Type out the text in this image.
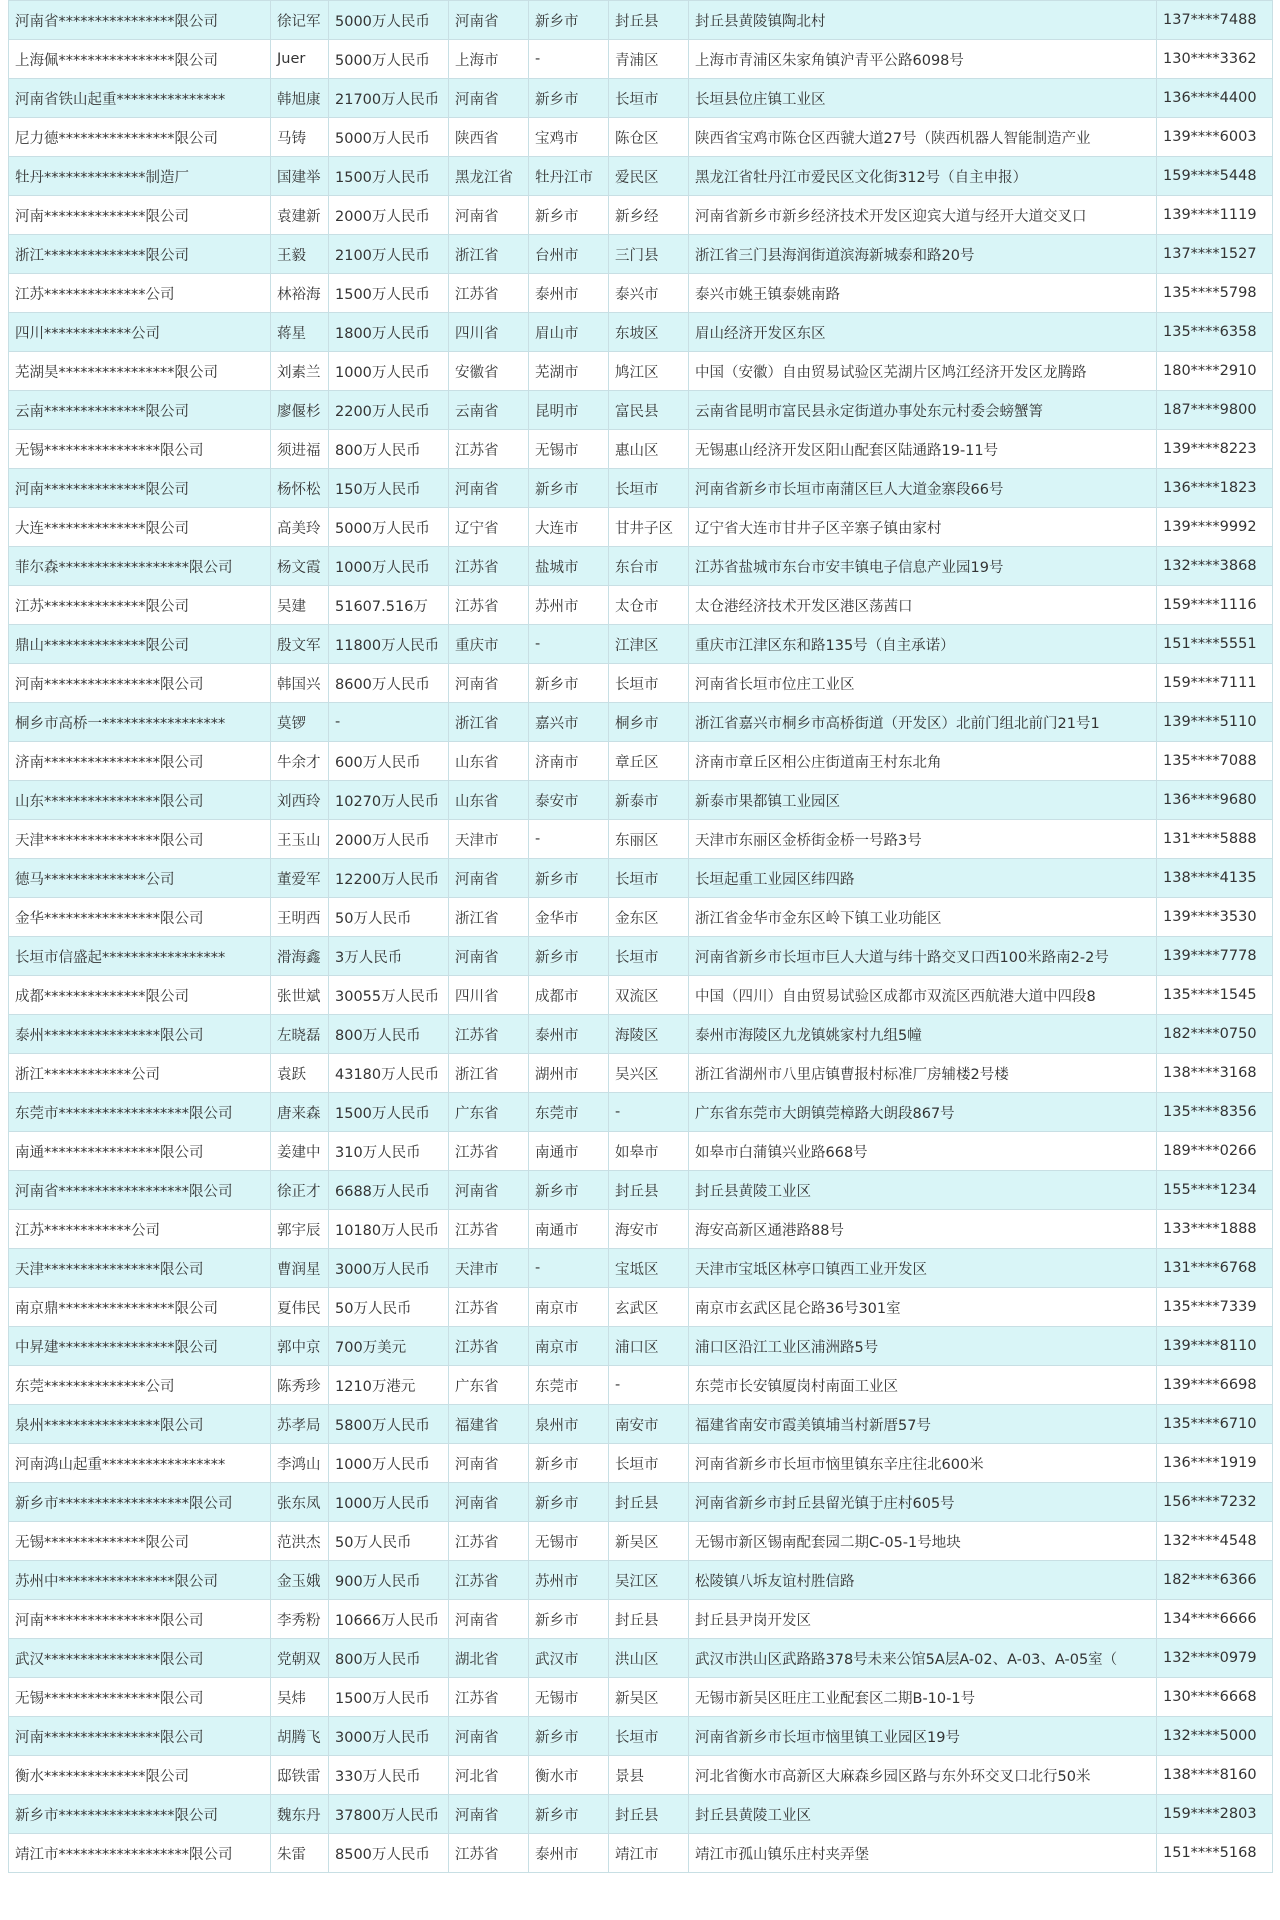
河南省****************限公司	徐记军	5000万人民币	河南省	新乡市	封丘县	封丘县黄陵镇陶北村	137****7488
上海佩****************限公司	Juer	5000万人民币	上海市	-	青浦区	上海市青浦区朱家角镇沪青平公路6098号	130****3362
河南省铁山起重***************	韩旭康	21700万人民币	河南省	新乡市	长垣市	长垣县位庄镇工业区	136****4400
尼力德****************限公司	马铸	5000万人民币	陕西省	宝鸡市	陈仓区	陕西省宝鸡市陈仓区西虢大道27号（陕西机器人智能制造产业	139****6003
牡丹**************制造厂	国建举	1500万人民币	黑龙江省	牡丹江市	爱民区	黑龙江省牡丹江市爱民区文化街312号（自主申报）	159****5448
河南**************限公司	袁建新	2000万人民币	河南省	新乡市	新乡经	河南省新乡市新乡经济技术开发区迎宾大道与经开大道交叉口	139****1119
浙江**************限公司	王毅	2100万人民币	浙江省	台州市	三门县	浙江省三门县海润街道滨海新城泰和路20号	137****1527
江苏**************公司	林裕海	1500万人民币	江苏省	泰州市	泰兴市	泰兴市姚王镇泰姚南路	135****5798
四川************公司	蒋星	1800万人民币	四川省	眉山市	东坡区	眉山经济开发区东区	135****6358
芜湖昊****************限公司	刘素兰	1000万人民币	安徽省	芜湖市	鸠江区	中国（安徽）自由贸易试验区芜湖片区鸠江经济开发区龙腾路	180****2910
云南**************限公司	廖偃杉	2200万人民币	云南省	昆明市	富民县	云南省昆明市富民县永定街道办事处东元村委会螃蟹箐	187****9800
无锡****************限公司	须进福	800万人民币	江苏省	无锡市	惠山区	无锡惠山经济开发区阳山配套区陆通路19-11号	139****8223
河南**************限公司	杨怀松	150万人民币	河南省	新乡市	长垣市	河南省新乡市长垣市南蒲区巨人大道金寨段66号	136****1823
大连**************限公司	高美玲	5000万人民币	辽宁省	大连市	甘井子区	辽宁省大连市甘井子区辛寨子镇由家村	139****9992
菲尔森******************限公司	杨文霞	1000万人民币	江苏省	盐城市	东台市	江苏省盐城市东台市安丰镇电子信息产业园19号	132****3868
江苏**************限公司	吴建	51607.516万	江苏省	苏州市	太仓市	太仓港经济技术开发区港区荡茜口	159****1116
鼎山**************限公司	殷文军	11800万人民币	重庆市	-	江津区	重庆市江津区东和路135号（自主承诺）	151****5551
河南****************限公司	韩国兴	8600万人民币	河南省	新乡市	长垣市	河南省长垣市位庄工业区	159****7111
桐乡市高桥一*****************	莫锣	-	浙江省	嘉兴市	桐乡市	浙江省嘉兴市桐乡市高桥街道（开发区）北前门组北前门21号1	139****5110
济南****************限公司	牛余才	600万人民币	山东省	济南市	章丘区	济南市章丘区相公庄街道南王村东北角	135****7088
山东****************限公司	刘西玲	10270万人民币	山东省	泰安市	新泰市	新泰市果都镇工业园区	136****9680
天津****************限公司	王玉山	2000万人民币	天津市	-	东丽区	天津市东丽区金桥街金桥一号路3号	131****5888
德马**************公司	董爱军	12200万人民币	河南省	新乡市	长垣市	长垣起重工业园区纬四路	138****4135
金华****************限公司	王明西	50万人民币	浙江省	金华市	金东区	浙江省金华市金东区岭下镇工业功能区	139****3530
长垣市信盛起*****************	滑海鑫	3万人民币	河南省	新乡市	长垣市	河南省新乡市长垣市巨人大道与纬十路交叉口西100米路南2-2号	139****7778
成都**************限公司	张世斌	30055万人民币	四川省	成都市	双流区	中国（四川）自由贸易试验区成都市双流区西航港大道中四段8	135****1545
泰州****************限公司	左晓磊	800万人民币	江苏省	泰州市	海陵区	泰州市海陵区九龙镇姚家村九组5幢	182****0750
浙江************公司	袁跃	43180万人民币	浙江省	湖州市	吴兴区	浙江省湖州市八里店镇曹报村标准厂房辅楼2号楼	138****3168
东莞市******************限公司	唐来森	1500万人民币	广东省	东莞市	-	广东省东莞市大朗镇莞樟路大朗段867号	135****8356
南通****************限公司	姜建中	310万人民币	江苏省	南通市	如皋市	如皋市白蒲镇兴业路668号	189****0266
河南省******************限公司	徐正才	6688万人民币	河南省	新乡市	封丘县	封丘县黄陵工业区	155****1234
江苏************公司	郭宇辰	10180万人民币	江苏省	南通市	海安市	海安高新区通港路88号	133****1888
天津****************限公司	曹润星	3000万人民币	天津市	-	宝坻区	天津市宝坻区林亭口镇西工业开发区	131****6768
南京鼎****************限公司	夏伟民	50万人民币	江苏省	南京市	玄武区	南京市玄武区昆仑路36号301室	135****7339
中昇建****************限公司	郭中京	700万美元	江苏省	南京市	浦口区	浦口区沿江工业区浦洲路5号	139****8110
东莞**************公司	陈秀珍	1210万港元	广东省	东莞市	-	东莞市长安镇厦岗村南面工业区	139****6698
泉州****************限公司	苏孝局	5800万人民币	福建省	泉州市	南安市	福建省南安市霞美镇埔当村新厝57号	135****6710
河南鸿山起重*****************	李鸿山	1000万人民币	河南省	新乡市	长垣市	河南省新乡市长垣市恼里镇东辛庄往北600米	136****1919
新乡市******************限公司	张东凤	1000万人民币	河南省	新乡市	封丘县	河南省新乡市封丘县留光镇于庄村605号	156****7232
无锡**************限公司	范洪杰	50万人民币	江苏省	无锡市	新吴区	无锡市新区锡南配套园二期C-05-1号地块	132****4548
苏州中****************限公司	金玉娥	900万人民币	江苏省	苏州市	吴江区	松陵镇八坼友谊村胜信路	182****6366
河南****************限公司	李秀粉	10666万人民币	河南省	新乡市	封丘县	封丘县尹岗开发区	134****6666
武汉****************限公司	党朝双	800万人民币	湖北省	武汉市	洪山区	武汉市洪山区武路路378号未来公馆5A层A-02、A-03、A-05室（	132****0979
无锡****************限公司	吴炜	1500万人民币	江苏省	无锡市	新吴区	无锡市新吴区旺庄工业配套区二期B-10-1号	130****6668
河南****************限公司	胡腾飞	3000万人民币	河南省	新乡市	长垣市	河南省新乡市长垣市恼里镇工业园区19号	132****5000
衡水**************限公司	邸铁雷	330万人民币	河北省	衡水市	景县	河北省衡水市高新区大麻森乡园区路与东外环交叉口北行50米	138****8160
新乡市****************限公司	魏东丹	37800万人民币	河南省	新乡市	封丘县	封丘县黄陵工业区	159****2803
靖江市******************限公司	朱雷	8500万人民币	江苏省	泰州市	靖江市	靖江市孤山镇乐庄村夹弄堡	151****5168
